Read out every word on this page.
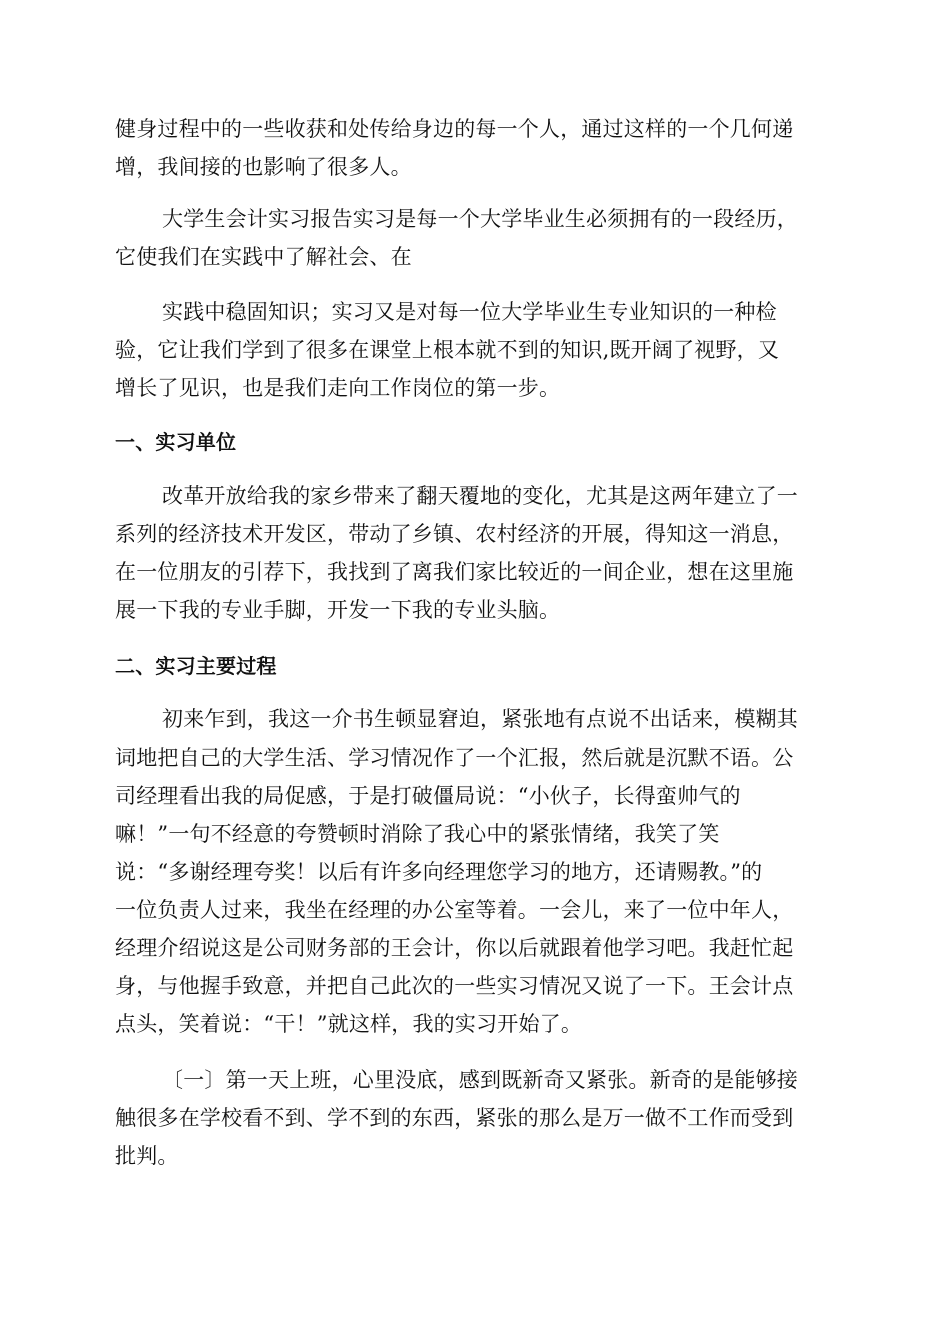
健身过程中的一些收获和处传给身边的每一个人，通过这样的一个几何递
增，我间接的也影响了很多人。
大学生会计实习报告实习是每一个大学毕业生必须拥有的一段经历，
它使我们在实践中了解社会、在
实践中稳固知识；实习又是对每一位大学毕业生专业知识的一种检
验，它让我们学到了很多在课堂上根本就不到的知识,既开阔了视野，又
增长了见识，也是我们走向工作岗位的第一步。
一、实习单位
改革开放给我的家乡带来了翻天覆地的变化，尤其是这两年建立了一
系列的经济技术开发区，带动了乡镇、农村经济的开展，得知这一消息，
在一位朋友的引荐下，我找到了离我们家比较近的一间企业，想在这里施
展一下我的专业手脚，开发一下我的专业头脑。
二、实习主要过程
初来乍到，我这一介书生顿显窘迫，紧张地有点说不出话来，模糊其
词地把自己的大学生活、学习情况作了一个汇报，然后就是沉默不语。公
司经理看出我的局促感，于是打破僵局说：“小伙子，长得蛮帅气的
嘛！”一句不经意的夸赞顿时消除了我心中的紧张情绪，我笑了笑
说：“多谢经理夸奖！以后有许多向经理您学习的地方，还请赐教。”的
一位负责人过来，我坐在经理的办公室等着。一会儿，来了一位中年人，
经理介绍说这是公司财务部的王会计，你以后就跟着他学习吧。我赶忙起
身，与他握手致意，并把自己此次的一些实习情况又说了一下。王会计点
点头，笑着说：“干！”就这样，我的实习开始了。
〔一〕第一天上班，心里没底，感到既新奇又紧张。新奇的是能够接
触很多在学校看不到、学不到的东西，紧张的那么是万一做不工作而受到
批判。
